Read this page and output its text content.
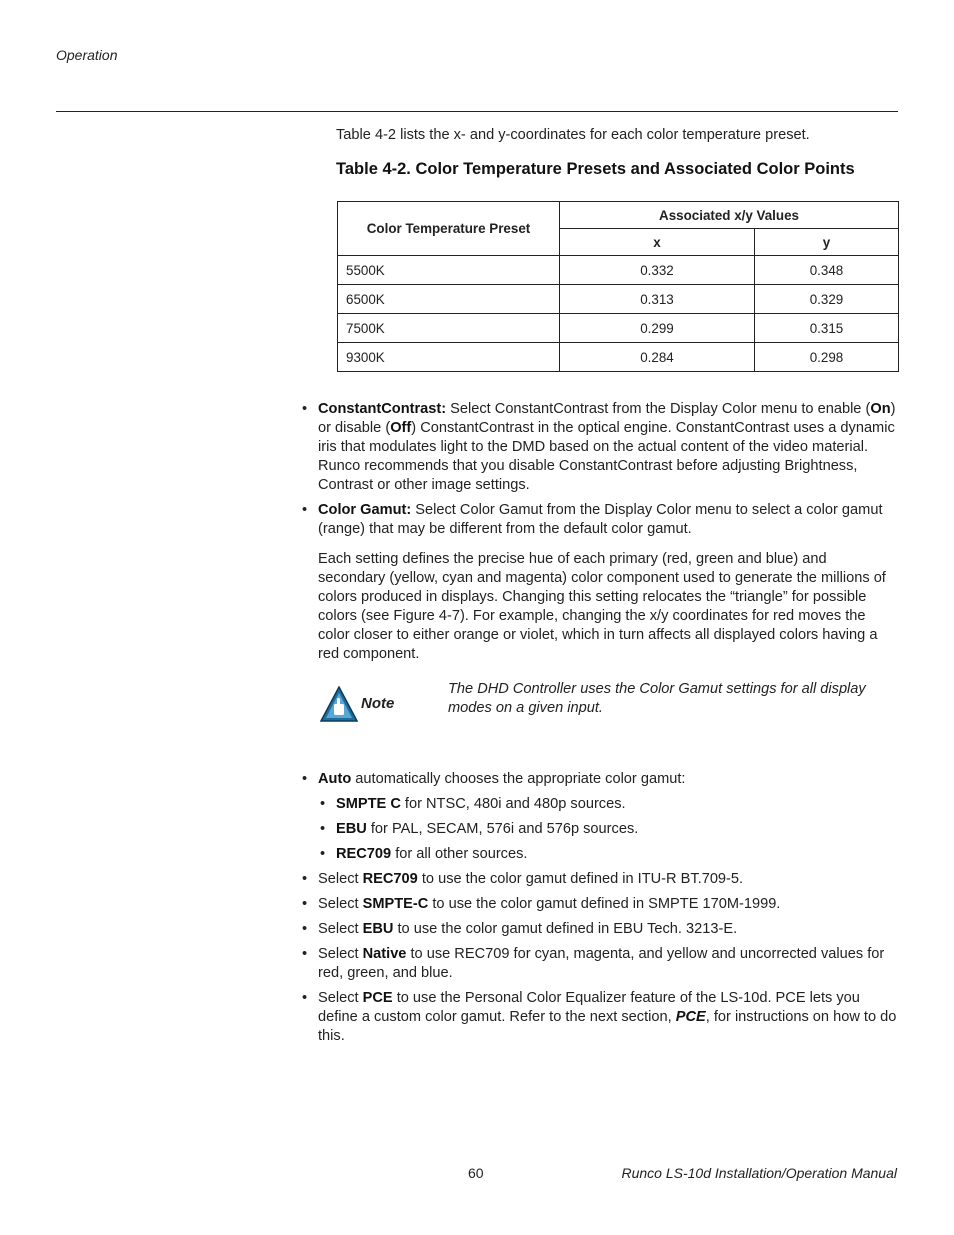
Operation

Table 4-2 lists the x- and y-coordinates for each color temperature preset.

Table 4-2. Color Temperature Presets and Associated Color Points
Color Temperature Preset	Associated x/y Values	
	x	y
5500K	0.332	0.348
6500K	0.313	0.329
7500K	0.299	0.315
9300K	0.284	0.298

• ConstantContrast: Select ConstantContrast from the Display Color menu to enable (On) or disable (Off) ConstantContrast in the optical engine. ConstantContrast uses a dynamic iris that modulates light to the DMD based on the actual content of the video material. Runco recommends that you disable ConstantContrast before adjusting Brightness, Contrast or other image settings.

• Color Gamut: Select Color Gamut from the Display Color menu to select a color gamut (range) that may be different from the default color gamut.

Each setting defines the precise hue of each primary (red, green and blue) and secondary (yellow, cyan and magenta) color component used to generate the millions of colors produced in displays. Changing this setting relocates the “triangle” for possible colors (see Figure 4-7). For example, changing the x/y coordinates for red moves the color closer to either orange or violet, which in turn affects all displayed colors having a red component.

• Auto automatically chooses the appropriate color gamut:

• SMPTE C for NTSC, 480i and 480p sources.

• EBU for PAL, SECAM, 576i and 576p sources.

• REC709 for all other sources.

• Select REC709 to use the color gamut defined in ITU-R BT.709-5.

• Select SMPTE-C to use the color gamut defined in SMPTE 170M-1999.

• Select EBU to use the color gamut defined in EBU Tech. 3213-E.

• Select Native to use REC709 for cyan, magenta, and yellow and uncorrected values for red, green, and blue.

• Select PCE to use the Personal Color Equalizer feature of the LS-10d. PCE lets you define a custom color gamut. Refer to the next section, PCE, for instructions on how to do this.

Note
The DHD Controller uses the Color Gamut settings for all display modes on a given input.
60	Runco LS-10d Installation/Operation Manual
